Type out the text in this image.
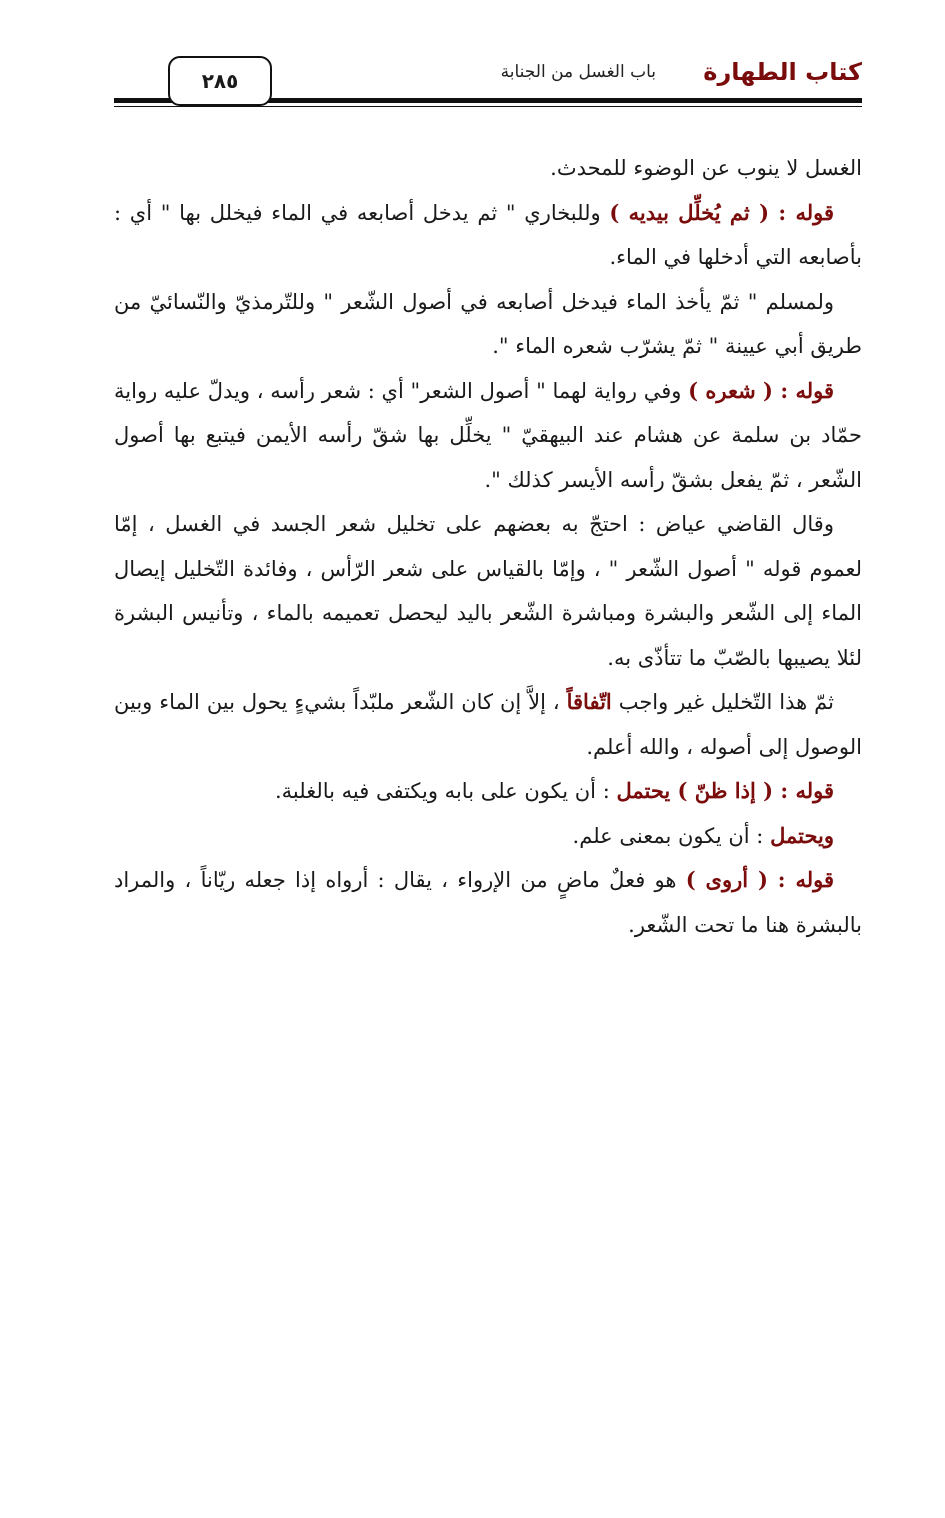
كتاب الطهارة
باب الغسل من الجنابة
٢٨٥

الغسل لا ينوب عن الوضوء للمحدث.

قوله : ( ثم يُخلِّل بيديه ) وللبخاري " ثم يدخل أصابعه في الماء فيخلل بها " أي : بأصابعه التي أدخلها في الماء.

ولمسلم " ثمّ يأخذ الماء فيدخل أصابعه في أصول الشّعر " وللتّرمذيّ والنّسائيّ من طريق أبي عيينة " ثمّ يشرّب شعره الماء ".

قوله : ( شعره ) وفي رواية لهما " أصول الشعر" أي : شعر رأسه ، ويدلّ عليه رواية حمّاد بن سلمة عن هشام عند البيهقيّ " يخلِّل بها شقّ رأسه الأيمن فيتبع بها أصول الشّعر ، ثمّ يفعل بشقّ رأسه الأيسر كذلك ".

وقال القاضي عياض : احتجّ به بعضهم على تخليل شعر الجسد في الغسل ، إمّا لعموم قوله " أصول الشّعر " ، وإمّا بالقياس على شعر الرّأس ، وفائدة التّخليل إيصال الماء إلى الشّعر والبشرة ومباشرة الشّعر باليد ليحصل تعميمه بالماء ، وتأنيس البشرة لئلا يصيبها بالصّبّ ما تتأذّى به.

ثمّ هذا التّخليل غير واجب اتّفاقاً ، إلاَّ إن كان الشّعر ملبّداً بشيءٍ يحول بين الماء وبين الوصول إلى أصوله ، والله أعلم.

قوله : ( إذا ظنّ ) يحتمل : أن يكون على بابه ويكتفى فيه بالغلبة.

ويحتمل : أن يكون بمعنى علم.

قوله : ( أروى ) هو فعلٌ ماضٍ من الإرواء ، يقال : أرواه إذا جعله ريّاناً ، والمراد بالبشرة هنا ما تحت الشّعر.
